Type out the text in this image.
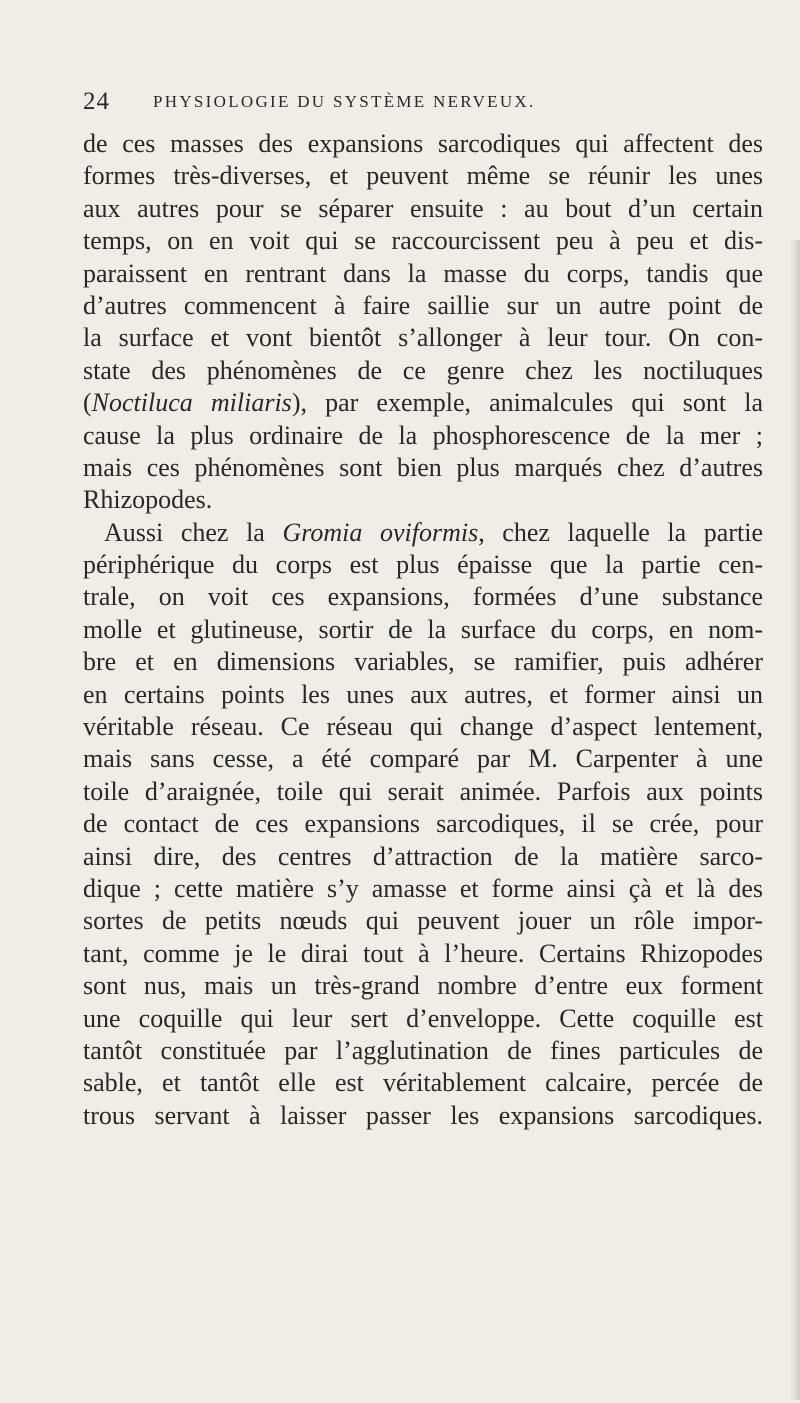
24	PHYSIOLOGIE DU SYSTÈME NERVEUX.
de ces masses des expansions sarcodiques qui affectent des
formes très-diverses, et peuvent même se réunir les unes
aux autres pour se séparer ensuite : au bout d’un certain
temps, on en voit qui se raccourcissent peu à peu et dis-
paraissent en rentrant dans la masse du corps, tandis que
d’autres commencent à faire saillie sur un autre point de
la surface et vont bientôt s’allonger à leur tour. On con-
state des phénomènes de ce genre chez les noctiluques
(Noctiluca miliaris), par exemple, animalcules qui sont la
cause la plus ordinaire de la phosphorescence de la mer ;
mais ces phénomènes sont bien plus marqués chez d’autres
Rhizopodes.
Aussi chez la Gromia oviformis, chez laquelle la partie
périphérique du corps est plus épaisse que la partie cen-
trale, on voit ces expansions, formées d’une substance
molle et glutineuse, sortir de la surface du corps, en nom-
bre et en dimensions variables, se ramifier, puis adhérer
en certains points les unes aux autres, et former ainsi un
véritable réseau. Ce réseau qui change d’aspect lentement,
mais sans cesse, a été comparé par M. Carpenter à une
toile d’araignée, toile qui serait animée. Parfois aux points
de contact de ces expansions sarcodiques, il se crée, pour
ainsi dire, des centres d’attraction de la matière sarco-
dique ; cette matière s’y amasse et forme ainsi çà et là des
sortes de petits nœuds qui peuvent jouer un rôle impor-
tant, comme je le dirai tout à l’heure. Certains Rhizopodes
sont nus, mais un très-grand nombre d’entre eux forment
une coquille qui leur sert d’enveloppe. Cette coquille est
tantôt constituée par l’agglutination de fines particules de
sable, et tantôt elle est véritablement calcaire, percée de
trous servant à laisser passer les expansions sarcodiques.
